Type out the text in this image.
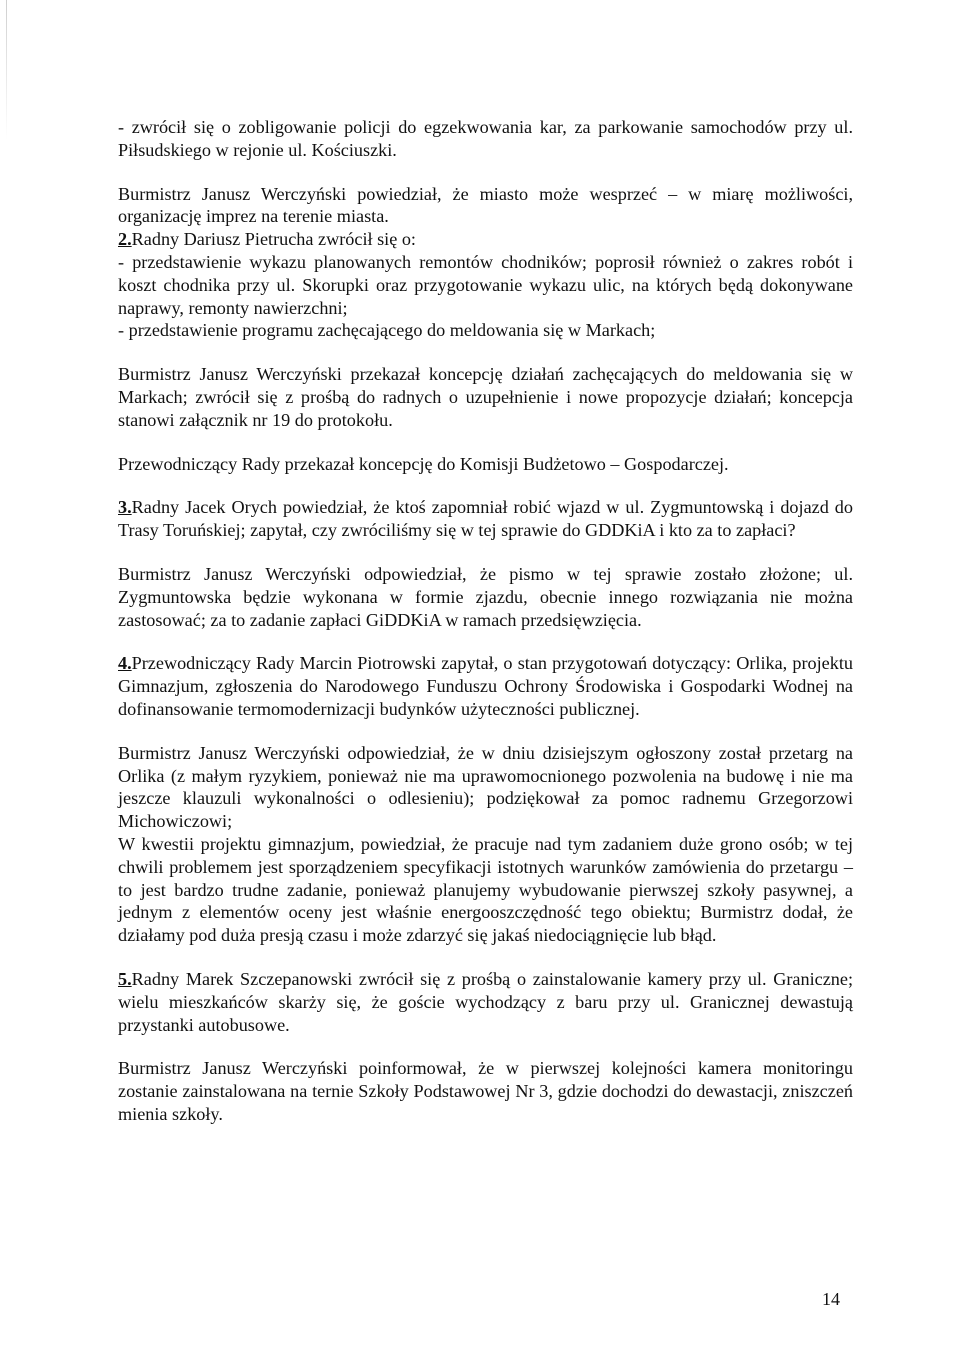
- zwrócił się o zobligowanie policji do egzekwowania kar, za parkowanie samochodów przy ul. Piłsudskiego w rejonie ul. Kościuszki.

Burmistrz Janusz Werczyński powiedział, że miasto może wesprzeć – w miarę możliwości, organizację imprez na terenie miasta.

2.Radny Dariusz Pietrucha zwrócił się o:

- przedstawienie wykazu planowanych remontów chodników; poprosił również o zakres robót i koszt chodnika przy ul. Skorupki oraz przygotowanie wykazu ulic, na których będą dokonywane naprawy, remonty nawierzchni;

- przedstawienie programu zachęcającego do meldowania się w Markach;

Burmistrz Janusz Werczyński przekazał koncepcję działań zachęcających do meldowania się w Markach; zwrócił się z prośbą do radnych o uzupełnienie i nowe propozycje działań; koncepcja stanowi załącznik nr 19 do protokołu.

Przewodniczący Rady przekazał koncepcję do Komisji Budżetowo – Gospodarczej.

3.Radny Jacek Orych powiedział, że ktoś zapomniał robić wjazd w ul. Zygmuntowską i dojazd do Trasy Toruńskiej; zapytał, czy zwróciliśmy się w tej sprawie do GDDKiA i kto za to zapłaci?

Burmistrz Janusz Werczyński odpowiedział, że pismo w tej sprawie zostało złożone; ul. Zygmuntowska będzie wykonana w formie zjazdu, obecnie innego rozwiązania nie można zastosować; za to zadanie zapłaci GiDDKiA w ramach przedsięwzięcia.

4.Przewodniczący Rady Marcin Piotrowski zapytał, o stan przygotowań dotyczący: Orlika, projektu Gimnazjum, zgłoszenia do Narodowego Funduszu Ochrony Środowiska i Gospodarki Wodnej na dofinansowanie termomodernizacji budynków użyteczności publicznej.

Burmistrz Janusz Werczyński odpowiedział, że w dniu dzisiejszym ogłoszony został przetarg na Orlika (z małym ryzykiem, ponieważ nie ma uprawomocnionego pozwolenia na budowę i nie ma jeszcze klauzuli wykonalności o odlesieniu); podziękował za pomoc radnemu Grzegorzowi Michowiczowi;

W kwestii projektu gimnazjum, powiedział, że pracuje nad tym zadaniem duże grono osób; w tej chwili problemem jest sporządzeniem specyfikacji istotnych warunków zamówienia do przetargu – to jest bardzo trudne zadanie, ponieważ planujemy wybudowanie pierwszej szkoły pasywnej, a jednym z elementów oceny jest właśnie energooszczędność tego obiektu; Burmistrz dodał, że działamy pod duża presją czasu i może zdarzyć się jakaś niedociągnięcie lub błąd.

5.Radny Marek Szczepanowski zwrócił się z prośbą o zainstalowanie kamery przy ul. Graniczne; wielu mieszkańców skarży się, że goście wychodzący z baru przy ul. Granicznej dewastują przystanki autobusowe.

Burmistrz Janusz Werczyński poinformował, że w pierwszej kolejności kamera monitoringu zostanie zainstalowana na ternie Szkoły Podstawowej Nr 3, gdzie dochodzi do dewastacji, zniszczeń mienia szkoły.

14
